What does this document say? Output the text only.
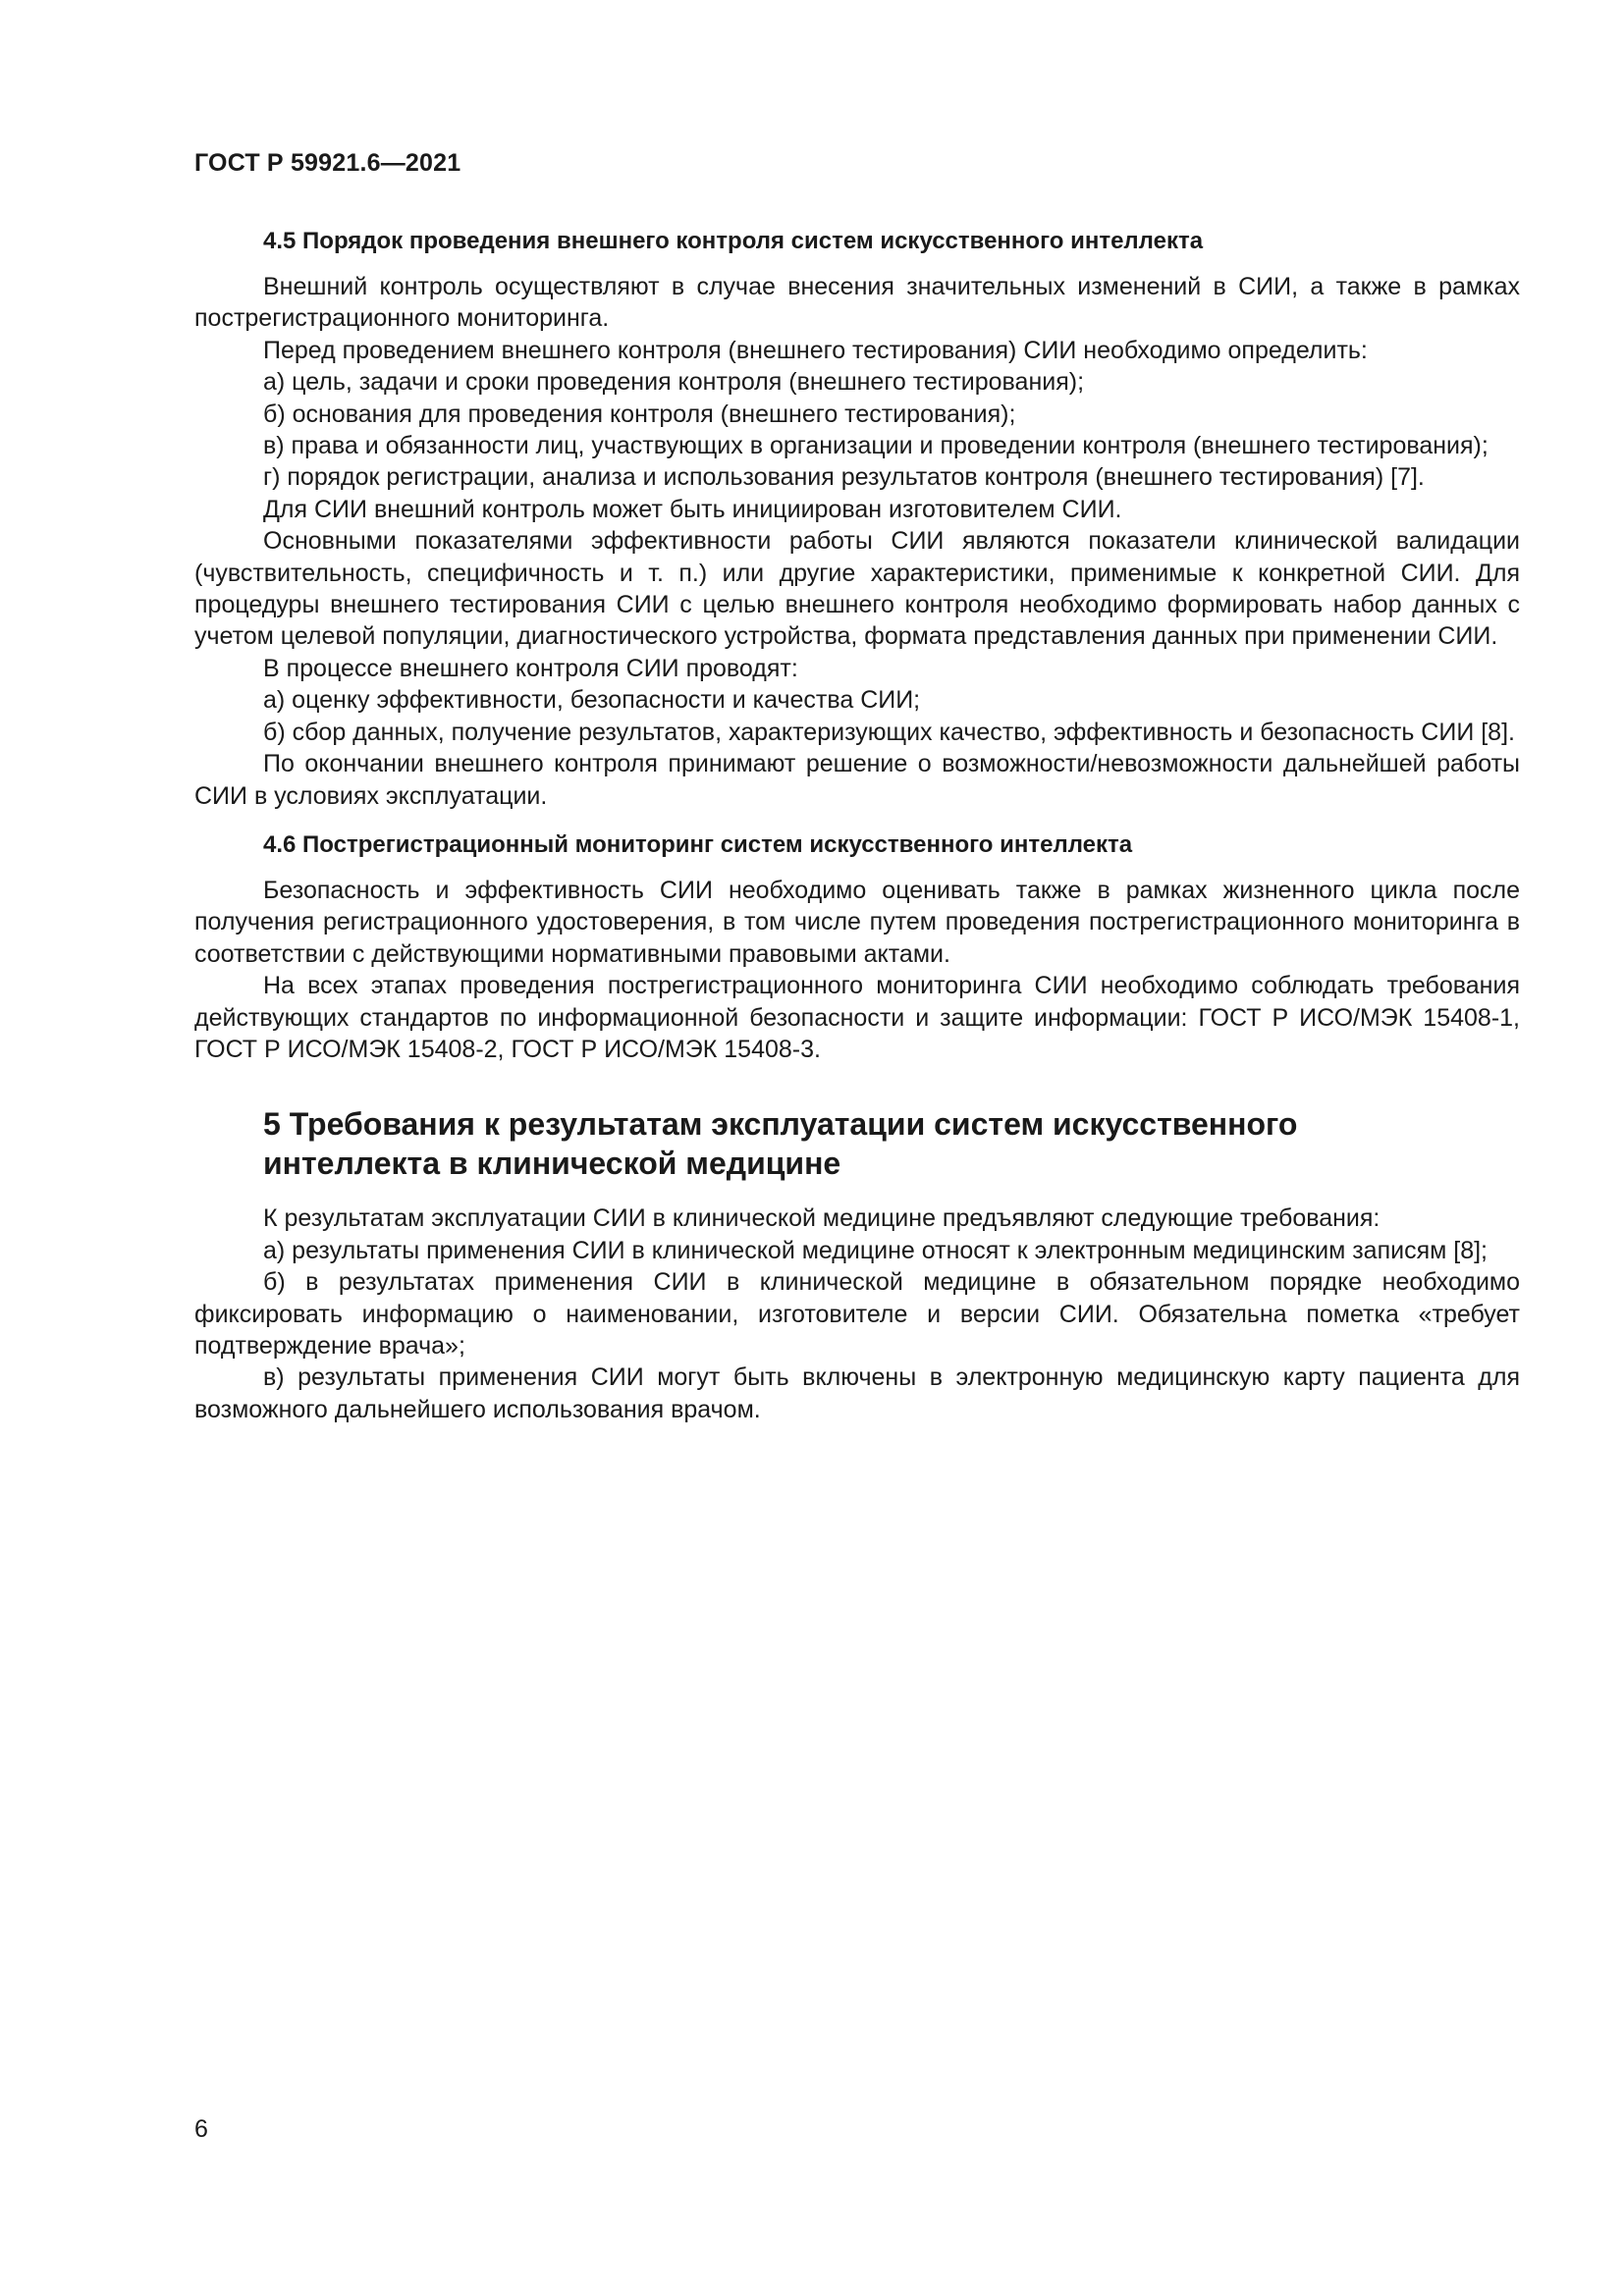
ГОСТ Р 59921.6—2021
4.5 Порядок проведения внешнего контроля систем искусственного интеллекта

Внешний контроль осуществляют в случае внесения значительных изменений в СИИ, а также в рамках пострегистрационного мониторинга.

Перед проведением внешнего контроля (внешнего тестирования) СИИ необходимо определить:

а) цель, задачи и сроки проведения контроля (внешнего тестирования);

б) основания для проведения контроля (внешнего тестирования);

в) права и обязанности лиц, участвующих в организации и проведении контроля (внешнего тестирования);

г) порядок регистрации, анализа и использования результатов контроля (внешнего тестирования) [7].

Для СИИ внешний контроль может быть инициирован изготовителем СИИ.

Основными показателями эффективности работы СИИ являются показатели клинической валидации (чувствительность, специфичность и т. п.) или другие характеристики, применимые к конкретной СИИ. Для процедуры внешнего тестирования СИИ с целью внешнего контроля необходимо формировать набор данных с учетом целевой популяции, диагностического устройства, формата представления данных при применении СИИ.

В процессе внешнего контроля СИИ проводят:

а) оценку эффективности, безопасности и качества СИИ;

б) сбор данных, получение результатов, характеризующих качество, эффективность и безопасность СИИ [8].

По окончании внешнего контроля принимают решение о возможности/невозможности дальнейшей работы СИИ в условиях эксплуатации.

4.6 Пострегистрационный мониторинг систем искусственного интеллекта

Безопасность и эффективность СИИ необходимо оценивать также в рамках жизненного цикла после получения регистрационного удостоверения, в том числе путем проведения пострегистрационного мониторинга в соответствии с действующими нормативными правовыми актами.

На всех этапах проведения пострегистрационного мониторинга СИИ необходимо соблюдать требования действующих стандартов по информационной безопасности и защите информации: ГОСТ Р ИСО/МЭК 15408-1, ГОСТ Р ИСО/МЭК 15408-2, ГОСТ Р ИСО/МЭК 15408-3.

5 Требования к результатам эксплуатации систем искусственного
интеллекта в клинической медицине

К результатам эксплуатации СИИ в клинической медицине предъявляют следующие требования:

а) результаты применения СИИ в клинической медицине относят к электронным медицинским записям [8];

б) в результатах применения СИИ в клинической медицине в обязательном порядке необходимо фиксировать информацию о наименовании, изготовителе и версии СИИ. Обязательна пометка «требует подтверждение врача»;

в) результаты применения СИИ могут быть включены в электронную медицинскую карту пациента для возможного дальнейшего использования врачом.

6
